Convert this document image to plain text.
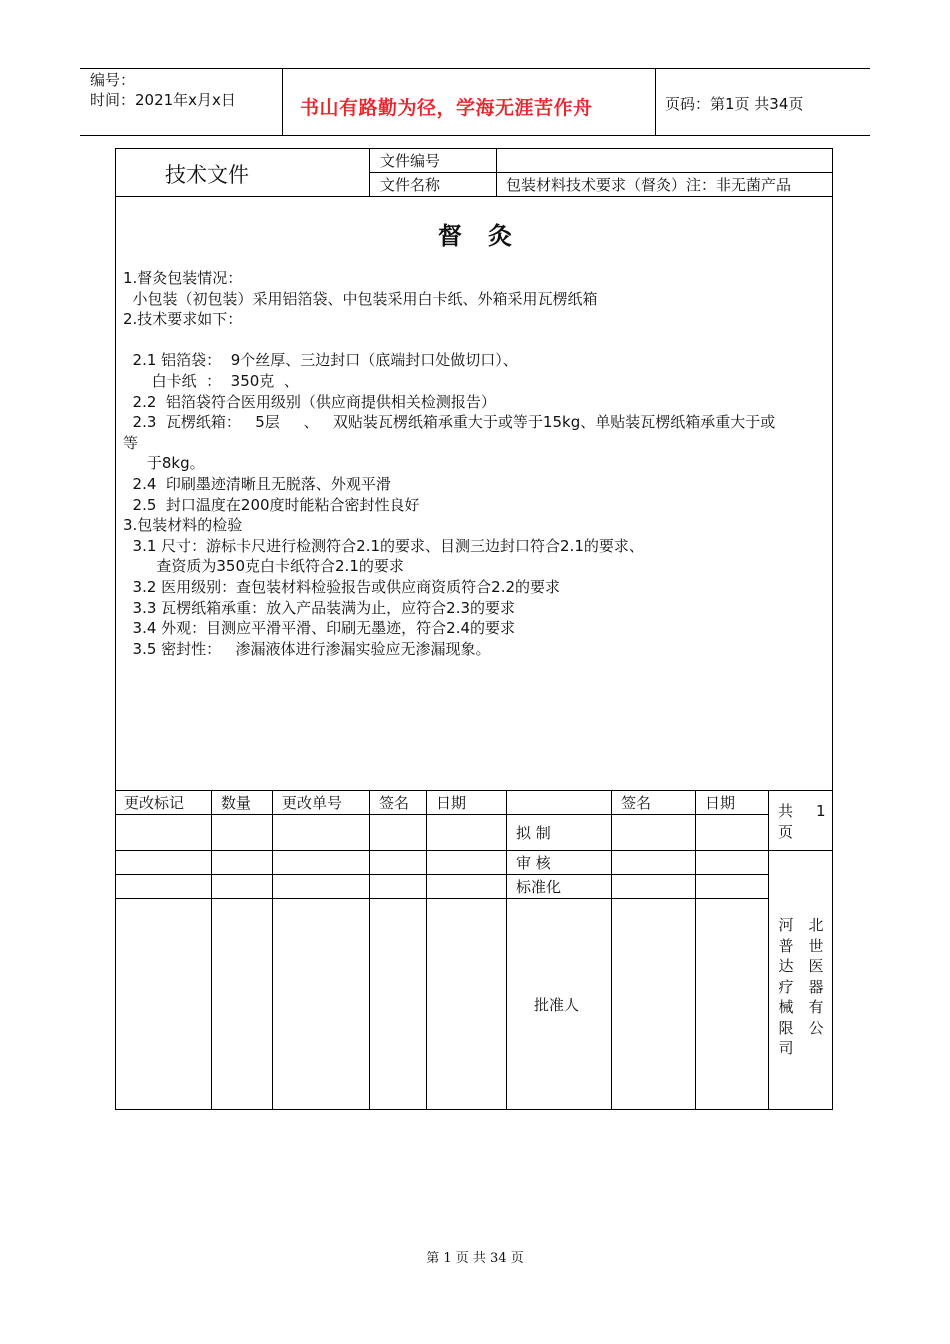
编号：
时间：2021年x月x日	书山有路勤为径，学海无涯苦作舟	页码：第1页 共34页
技术文件
文件编号
文件名称	包装材料技术要求（督灸）注：非无菌产品
督灸
1.督灸包装情况：
小包装（初包装）采用铝箔袋、中包装采用白卡纸、外箱采用瓦楞纸箱
2.技术要求如下：
2.1 铝箔袋：  9个丝厚、三边封口（底端封口处做切口）、
白卡纸  ：  350克  、
2.2  铝箔袋符合医用级别（供应商提供相关检测报告）
2.3  瓦楞纸箱：   5层     、   双贴装瓦楞纸箱承重大于或等于15kg、单贴装瓦楞纸箱承重大于或
等
于8kg。
2.4  印刷墨迹清晰且无脱落、外观平滑
2.5  封口温度在200度时能粘合密封性良好
3.包装材料的检验
3.1 尺寸：游标卡尺进行检测符合2.1的要求、目测三边封口符合2.1的要求、
查资质为350克白卡纸符合2.1的要求
3.2 医用级别：查包装材料检验报告或供应商资质符合2.2的要求
3.3 瓦楞纸箱承重：放入产品装满为止，应符合2.3的要求
3.4 外观：目测应平滑平滑、印刷无墨迹，符合2.4的要求
3.5 密封性：   渗漏液体进行渗漏实验应无渗漏现象。
更改标记 数量 更改单号 签名 日期	签名	日期
拟 制
审 核
标准化
批准人
共 1
页
河普达疗械限司
北世医器有公
第 1 页 共 34 页
